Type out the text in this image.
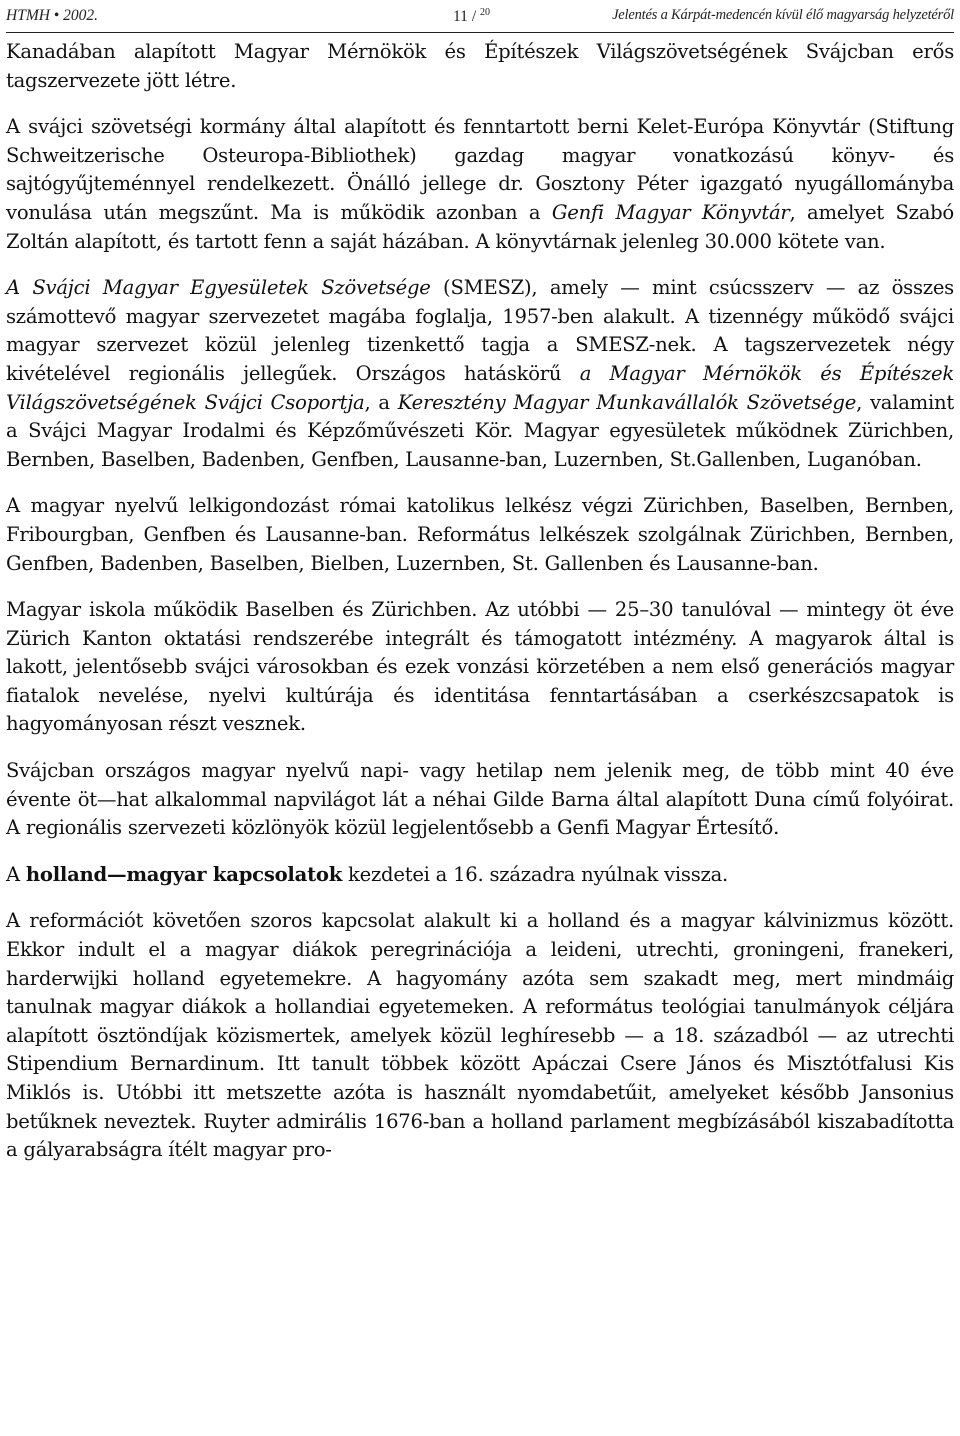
HTMH • 2002.	11 / $^{20}$	Jelentés a Kárpát-medencén kívül élő magyarság helyzetéről

Kanadában alapított Magyar Mérnökök és Építészek Világszövetségének Svájcban erős tagszervezete jött létre.

A svájci szövetségi kormány által alapított és fenntartott berni Kelet-Európa Könyvtár (Stiftung Schweitzerische Osteuropa-Bibliothek) gazdag magyar vonatkozású könyv- és sajtógyűjteménnyel rendelkezett. Önálló jellege dr. Gosztony Péter igazgató nyugállományba vonulása után megszűnt. Ma is működik azonban a Genfi Magyar Könyvtár, amelyet Szabó Zoltán alapított, és tartott fenn a saját házában. A könyvtárnak jelenleg 30.000 kötete van.

A Svájci Magyar Egyesületek Szövetsége (SMESZ), amely — mint csúcsszerv — az összes számottevő magyar szervezetet magába foglalja, 1957-ben alakult. A tizennégy működő svájci magyar szervezet közül jelenleg tizenkettő tagja a SMESZ-nek. A tagszervezetek négy kivételével regionális jellegűek. Országos hatáskörű a Magyar Mérnökök és Építészek Világszövetségének Svájci Csoportja, a Keresztény Magyar Munkavállalók Szövetsége, valamint a Svájci Magyar Irodalmi és Képzőművészeti Kör. Magyar egyesületek működnek Zürichben, Bernben, Baselben, Badenben, Genfben, Lausanne-ban, Luzernben, St.Gallenben, Luganóban.

A magyar nyelvű lelkigondozást római katolikus lelkész végzi Zürichben, Baselben, Bernben, Fribourgban, Genfben és Lausanne-ban. Református lelkészek szolgálnak Zürichben, Bernben, Genfben, Badenben, Baselben, Bielben, Luzernben, St. Gallenben és Lausanne-ban.

Magyar iskola működik Baselben és Zürichben. Az utóbbi — 25–30 tanulóval — mintegy öt éve Zürich Kanton oktatási rendszerébe integrált és támogatott intézmény. A magyarok által is lakott, jelentősebb svájci városokban és ezek vonzási körzetében a nem első generációs magyar fiatalok nevelése, nyelvi kultúrája és identitása fenntartásában a cserkészcsapatok is hagyományosan részt vesznek.

Svájcban országos magyar nyelvű napi- vagy hetilap nem jelenik meg, de több mint 40 éve évente öt—hat alkalommal napvilágot lát a néhai Gilde Barna által alapított Duna című folyóirat. A regionális szervezeti közlönyök közül legjelentősebb a Genfi Magyar Értesítő.

A holland—magyar kapcsolatok kezdetei a 16. századra nyúlnak vissza.

A reformációt követően szoros kapcsolat alakult ki a holland és a magyar kálvinizmus között. Ekkor indult el a magyar diákok peregrinációja a leideni, utrechti, groningeni, franekeri, harderwijki holland egyetemekre. A hagyomány azóta sem szakadt meg, mert mindmáig tanulnak magyar diákok a hollandiai egyetemeken. A református teológiai tanulmányok céljára alapított ösztöndíjak közismertek, amelyek közül leghíresebb — a 18. századból — az utrechti Stipendium Bernardinum. Itt tanult többek között Apáczai Csere János és Misztótfalusi Kis Miklós is. Utóbbi itt metszette azóta is használt nyomdabetűit, amelyeket később Jansonius betűknek neveztek. Ruyter admirális 1676-ban a holland parlament megbízásából kiszabadította a gályarabságra ítélt magyar pro-
